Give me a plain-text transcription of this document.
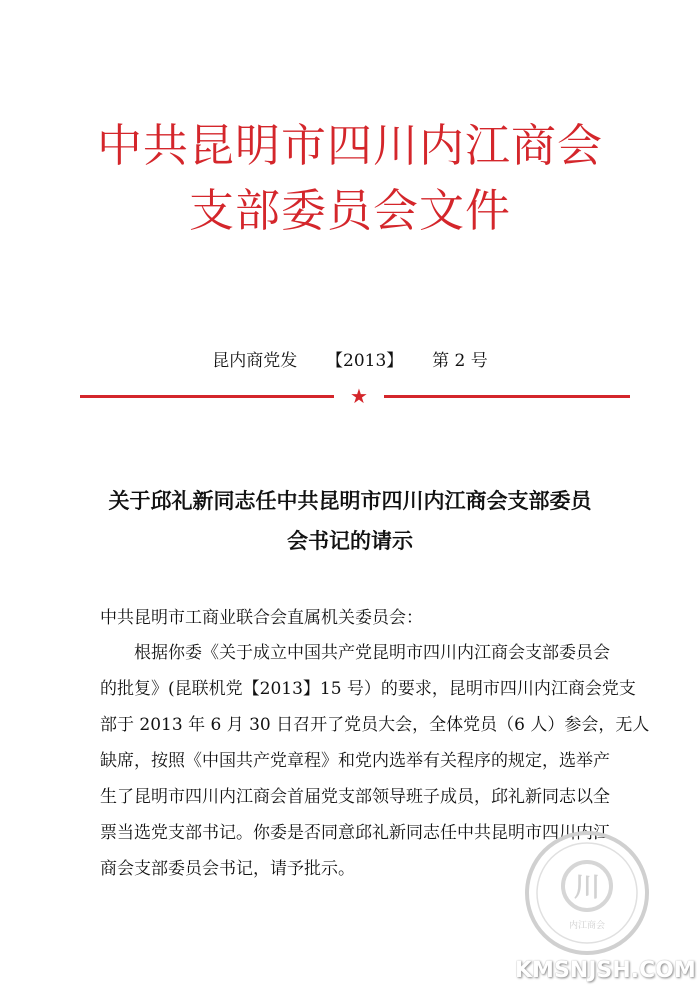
中共昆明市四川内江商会
支部委员会文件
昆内商党发 【2013】 第 2 号
★
关于邱礼新同志任中共昆明市四川内江商会支部委员
会书记的请示
中共昆明市工商业联合会直属机关委员会：
根据你委《关于成立中国共产党昆明市四川内江商会支部委员会
的批复》(昆联机党【2013】15 号）的要求，昆明市四川内江商会党支
部于 2013 年 6 月 30 日召开了党员大会，全体党员（6 人）参会，无人
缺席，按照《中国共产党章程》和党内选举有关程序的规定，选举产
生了昆明市四川内江商会首届党支部领导班子成员，邱礼新同志以全
票当选党支部书记。你委是否同意邱礼新同志任中共昆明市四川内江
商会支部委员会书记，请予批示。
川
内江商会
KMSNJSH.COM
